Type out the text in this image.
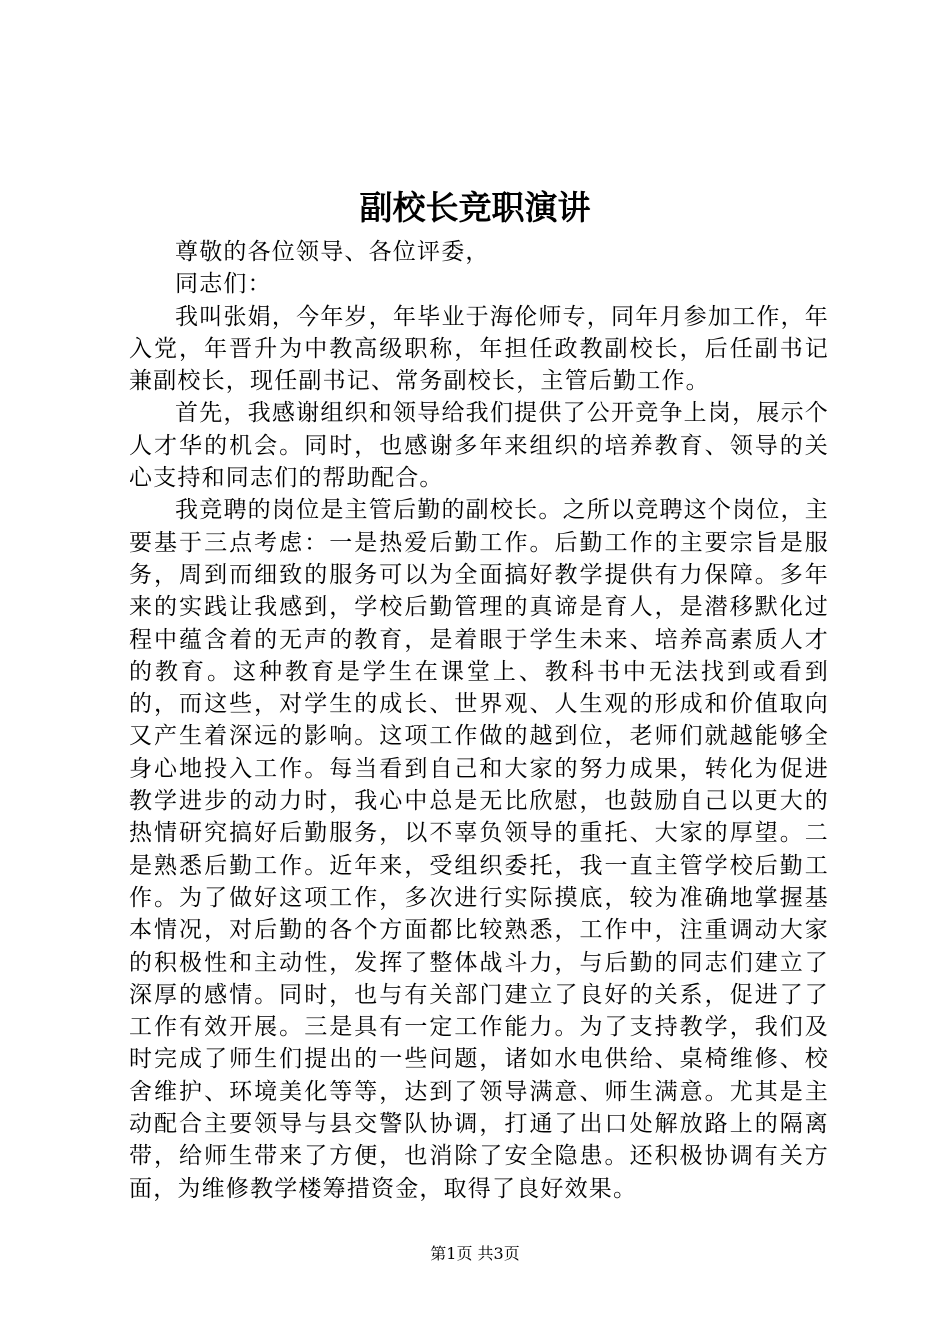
副校长竞职演讲

尊敬的各位领导、各位评委，

同志们：

我叫张娟，今年岁，年毕业于海伦师专，同年月参加工作，年入党，年晋升为中教高级职称，年担任政教副校长，后任副书记兼副校长，现任副书记、常务副校长，主管后勤工作。

首先，我感谢组织和领导给我们提供了公开竞争上岗，展示个人才华的机会。同时，也感谢多年来组织的培养教育、领导的关心支持和同志们的帮助配合。

我竞聘的岗位是主管后勤的副校长。之所以竞聘这个岗位，主要基于三点考虑：一是热爱后勤工作。后勤工作的主要宗旨是服务，周到而细致的服务可以为全面搞好教学提供有力保障。多年来的实践让我感到，学校后勤管理的真谛是育人，是潜移默化过程中蕴含着的无声的教育，是着眼于学生未来、培养高素质人才的教育。这种教育是学生在课堂上、教科书中无法找到或看到的，而这些，对学生的成长、世界观、人生观的形成和价值取向又产生着深远的影响。这项工作做的越到位，老师们就越能够全身心地投入工作。每当看到自己和大家的努力成果，转化为促进教学进步的动力时，我心中总是无比欣慰，也鼓励自己以更大的热情研究搞好后勤服务，以不辜负领导的重托、大家的厚望。二是熟悉后勤工作。近年来，受组织委托，我一直主管学校后勤工作。为了做好这项工作，多次进行实际摸底，较为准确地掌握基本情况，对后勤的各个方面都比较熟悉，工作中，注重调动大家的积极性和主动性，发挥了整体战斗力，与后勤的同志们建立了深厚的感情。同时，也与有关部门建立了良好的关系，促进了了工作有效开展。三是具有一定工作能力。为了支持教学，我们及时完成了师生们提出的一些问题，诸如水电供给、桌椅维修、校舍维护、环境美化等等，达到了领导满意、师生满意。尤其是主动配合主要领导与县交警队协调，打通了出口处解放路上的隔离带，给师生带来了方便，也消除了安全隐患。还积极协调有关方面，为维修教学楼筹措资金，取得了良好效果。

第1页 共3页
